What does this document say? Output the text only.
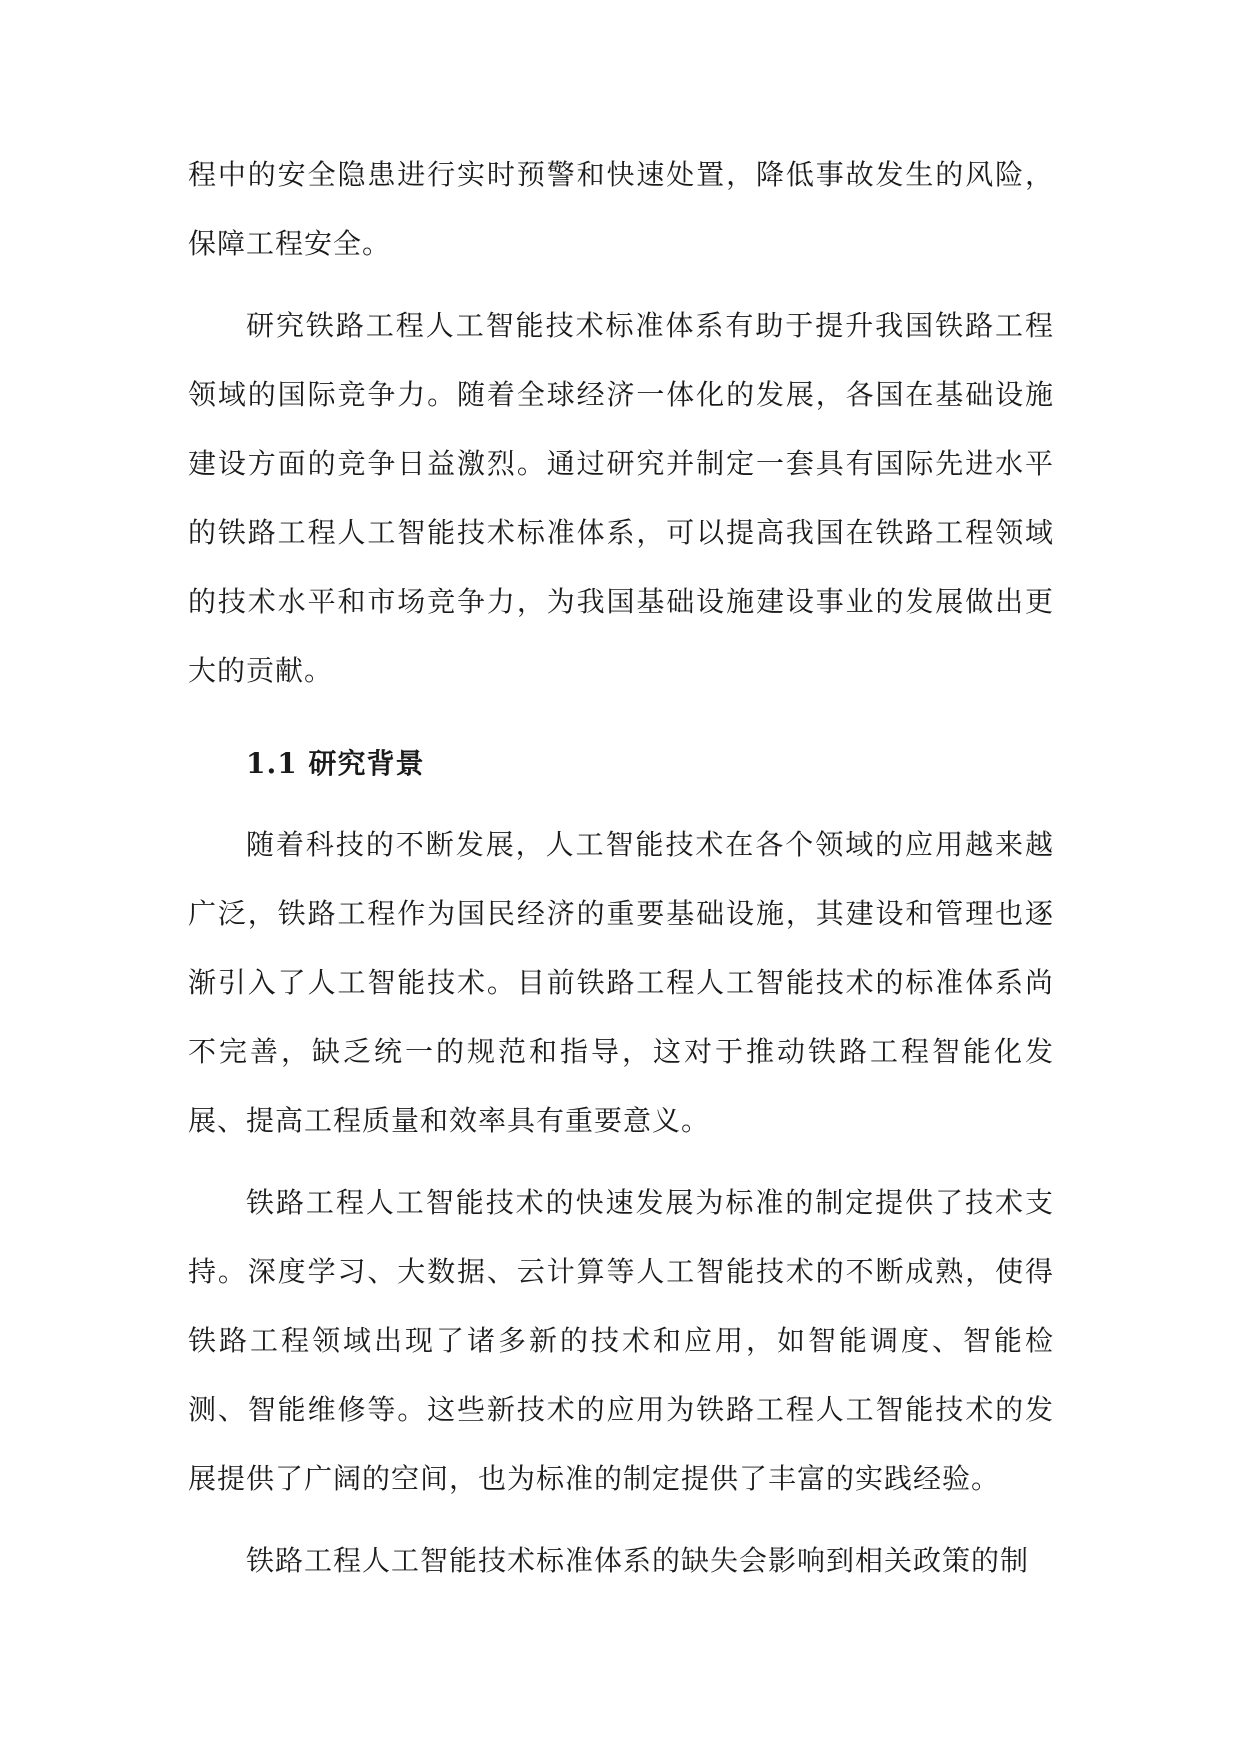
程中的安全隐患进行实时预警和快速处置，降低事故发生的风险，保障工程安全。

研究铁路工程人工智能技术标准体系有助于提升我国铁路工程领域的国际竞争力。随着全球经济一体化的发展，各国在基础设施建设方面的竞争日益激烈。通过研究并制定一套具有国际先进水平的铁路工程人工智能技术标准体系，可以提高我国在铁路工程领域的技术水平和市场竞争力，为我国基础设施建设事业的发展做出更大的贡献。

1.1 研究背景

随着科技的不断发展，人工智能技术在各个领域的应用越来越广泛，铁路工程作为国民经济的重要基础设施，其建设和管理也逐渐引入了人工智能技术。目前铁路工程人工智能技术的标准体系尚不完善，缺乏统一的规范和指导，这对于推动铁路工程智能化发展、提高工程质量和效率具有重要意义。

铁路工程人工智能技术的快速发展为标准的制定提供了技术支持。深度学习、大数据、云计算等人工智能技术的不断成熟，使得铁路工程领域出现了诸多新的技术和应用，如智能调度、智能检测、智能维修等。这些新技术的应用为铁路工程人工智能技术的发展提供了广阔的空间，也为标准的制定提供了丰富的实践经验。

铁路工程人工智能技术标准体系的缺失会影响到相关政策的制
